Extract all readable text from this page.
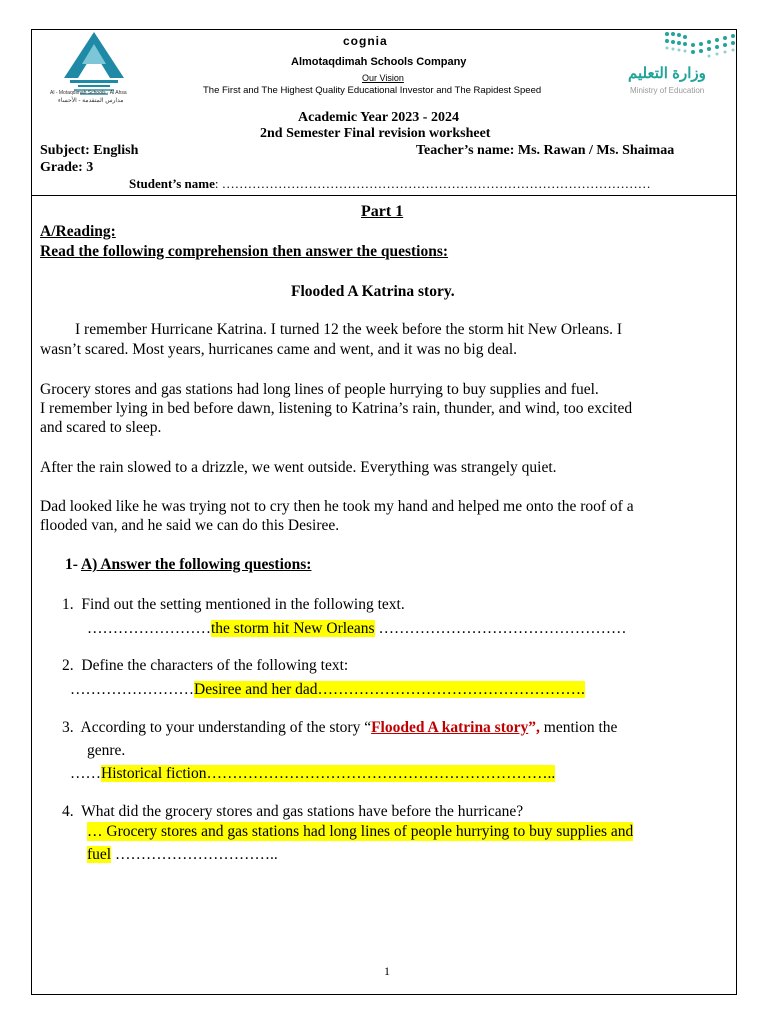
Al - Motaqdimah Schools · Al Ahsa
مدارس المتقدمة - الأحساء
cognia
Almotaqdimah Schools Company
Our Vision
The First and The Highest Quality Educational Investor and The Rapidest Speed
وزارة التعليم
Ministry of Education
Academic Year 2023 - 2024
2nd Semester Final revision worksheet
Subject: English	Teacher’s name: Ms. Rawan / Ms. Shaimaa
Grade: 3
Student’s name: ………………………………………………………………………………………
Part 1
A/Reading:
Read the following comprehension then answer the questions:
Flooded A Katrina story.
I remember Hurricane Katrina. I turned 12 the week before the storm hit New Orleans. I
wasn’t scared. Most years, hurricanes came and went, and it was no big deal.
Grocery stores and gas stations had long lines of people hurrying to buy supplies and fuel.
I remember lying in bed before dawn, listening to Katrina’s rain, thunder, and wind, too excited
and scared to sleep.
After the rain slowed to a drizzle, we went outside. Everything was strangely quiet.
Dad looked like he was trying not to cry then he took my hand and helped me onto the roof of a
flooded van, and he said we can do this Desiree.
1- A) Answer the following questions:
1. Find out the setting mentioned in the following text.
……………………the storm hit New Orleans …………………………………………
2. Define the characters of the following text:
……………………Desiree and her dad…………………………………………….
3. According to your understanding of the story “Flooded A katrina story”, mention the
genre.
……Historical fiction…………………………………………………………..
4. What did the grocery stores and gas stations have before the hurricane?
… Grocery stores and gas stations had long lines of people hurrying to buy supplies and
fuel …………………………..
1
